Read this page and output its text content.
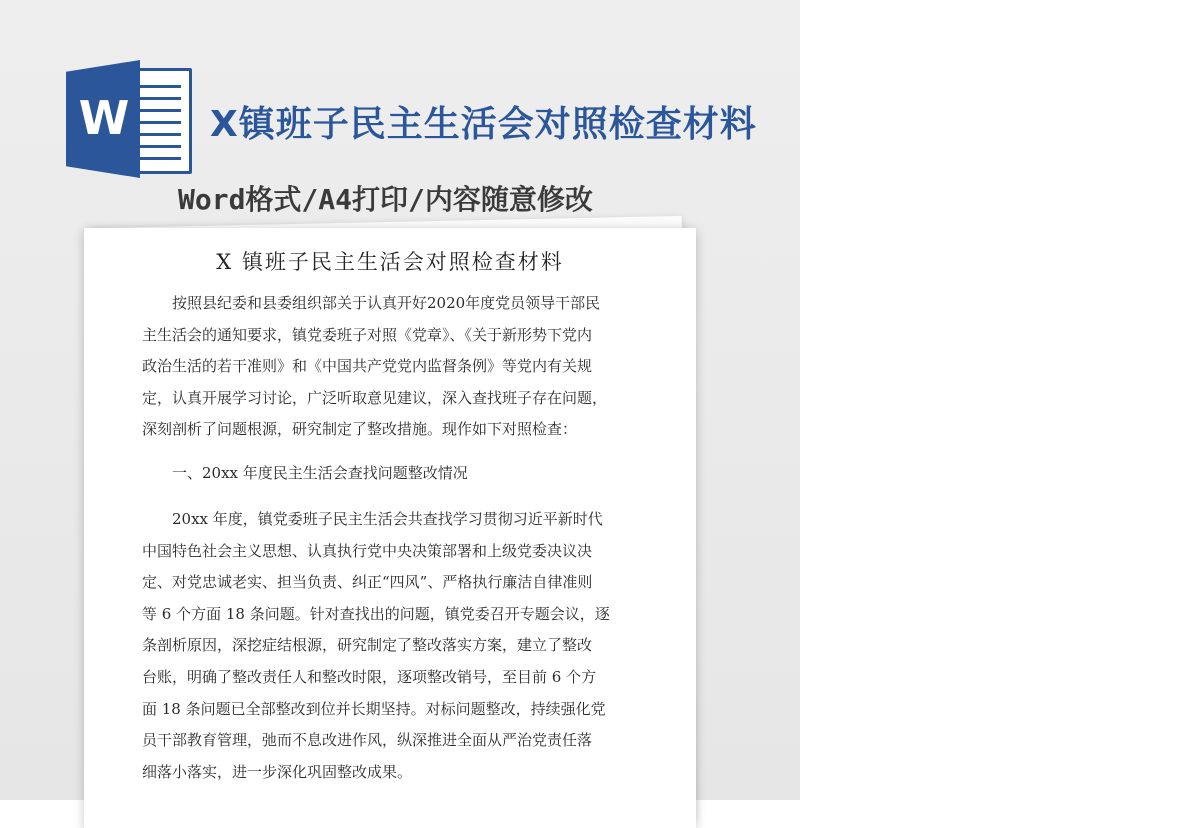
W X镇班子民主生活会对照检查材料
Word格式/A4打印/内容随意修改
X 镇班子民主生活会对照检查材料
　　按照县纪委和县委组织部关于认真开好2020年度党员领导干部民
主生活会的通知要求，镇党委班子对照《党章》、《关于新形势下党内
政治生活的若干准则》和《中国共产党党内监督条例》等党内有关规
定，认真开展学习讨论，广泛听取意见建议，深入查找班子存在问题，
深刻剖析了问题根源，研究制定了整改措施。现作如下对照检查：
　　一、20xx 年度民主生活会查找问题整改情况
　　20xx 年度，镇党委班子民主生活会共查找学习贯彻习近平新时代
中国特色社会主义思想、认真执行党中央决策部署和上级党委决议决
定、对党忠诚老实、担当负责、纠正“四风”、严格执行廉洁自律准则
等 6 个方面 18 条问题。针对查找出的问题，镇党委召开专题会议，逐
条剖析原因，深挖症结根源，研究制定了整改落实方案，建立了整改
台账，明确了整改责任人和整改时限，逐项整改销号，至目前 6 个方
面 18 条问题已全部整改到位并长期坚持。对标问题整改，持续强化党
员干部教育管理，弛而不息改进作风，纵深推进全面从严治党责任落
细落小落实，进一步深化巩固整改成果。
